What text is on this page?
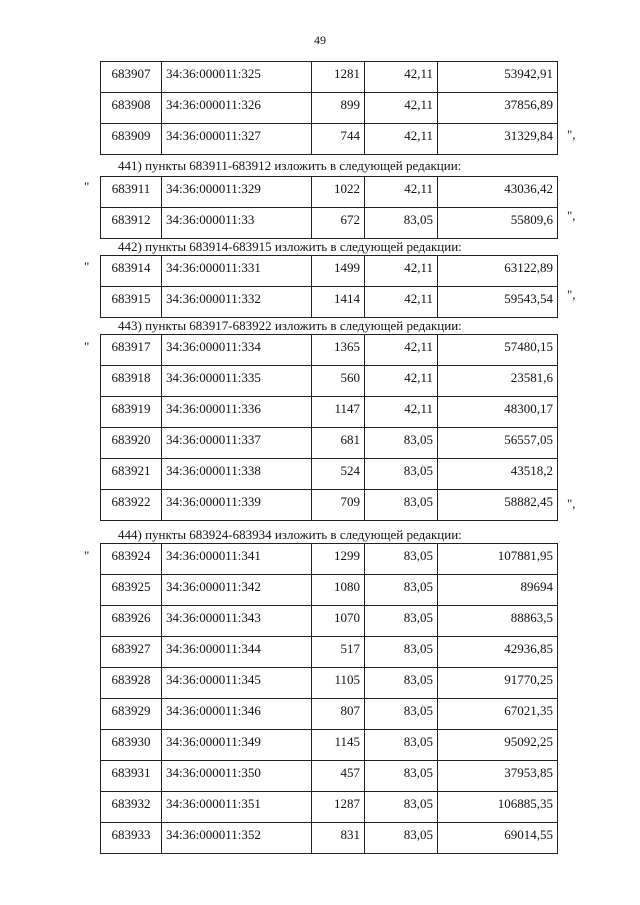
49
683907	34:36:000011:325	1281	42,11	53942,91
683908	34:36:000011:326	899	42,11	37856,89
683909	34:36:000011:327	744	42,11	31329,84 ",
441) пункты 683911-683912 изложить в следующей редакции:
" 683911	34:36:000011:329	1022	42,11	43036,42
683912	34:36:000011:33	672	83,05	55809,6 ",
442) пункты 683914-683915 изложить в следующей редакции:
" 683914	34:36:000011:331	1499	42,11	63122,89
683915	34:36:000011:332	1414	42,11	59543,54 ",
443) пункты 683917-683922 изложить в следующей редакции:
" 683917	34:36:000011:334	1365	42,11	57480,15
683918	34:36:000011:335	560	42,11	23581,6
683919	34:36:000011:336	1147	42,11	48300,17
683920	34:36:000011:337	681	83,05	56557,05
683921	34:36:000011:338	524	83,05	43518,2
683922	34:36:000011:339	709	83,05	58882,45 ",
444) пункты 683924-683934 изложить в следующей редакции:
" 683924	34:36:000011:341	1299	83,05	107881,95
683925	34:36:000011:342	1080	83,05	89694
683926	34:36:000011:343	1070	83,05	88863,5
683927	34:36:000011:344	517	83,05	42936,85
683928	34:36:000011:345	1105	83,05	91770,25
683929	34:36:000011:346	807	83,05	67021,35
683930	34:36:000011:349	1145	83,05	95092,25
683931	34:36:000011:350	457	83,05	37953,85
683932	34:36:000011:351	1287	83,05	106885,35
683933	34:36:000011:352	831	83,05	69014,55
